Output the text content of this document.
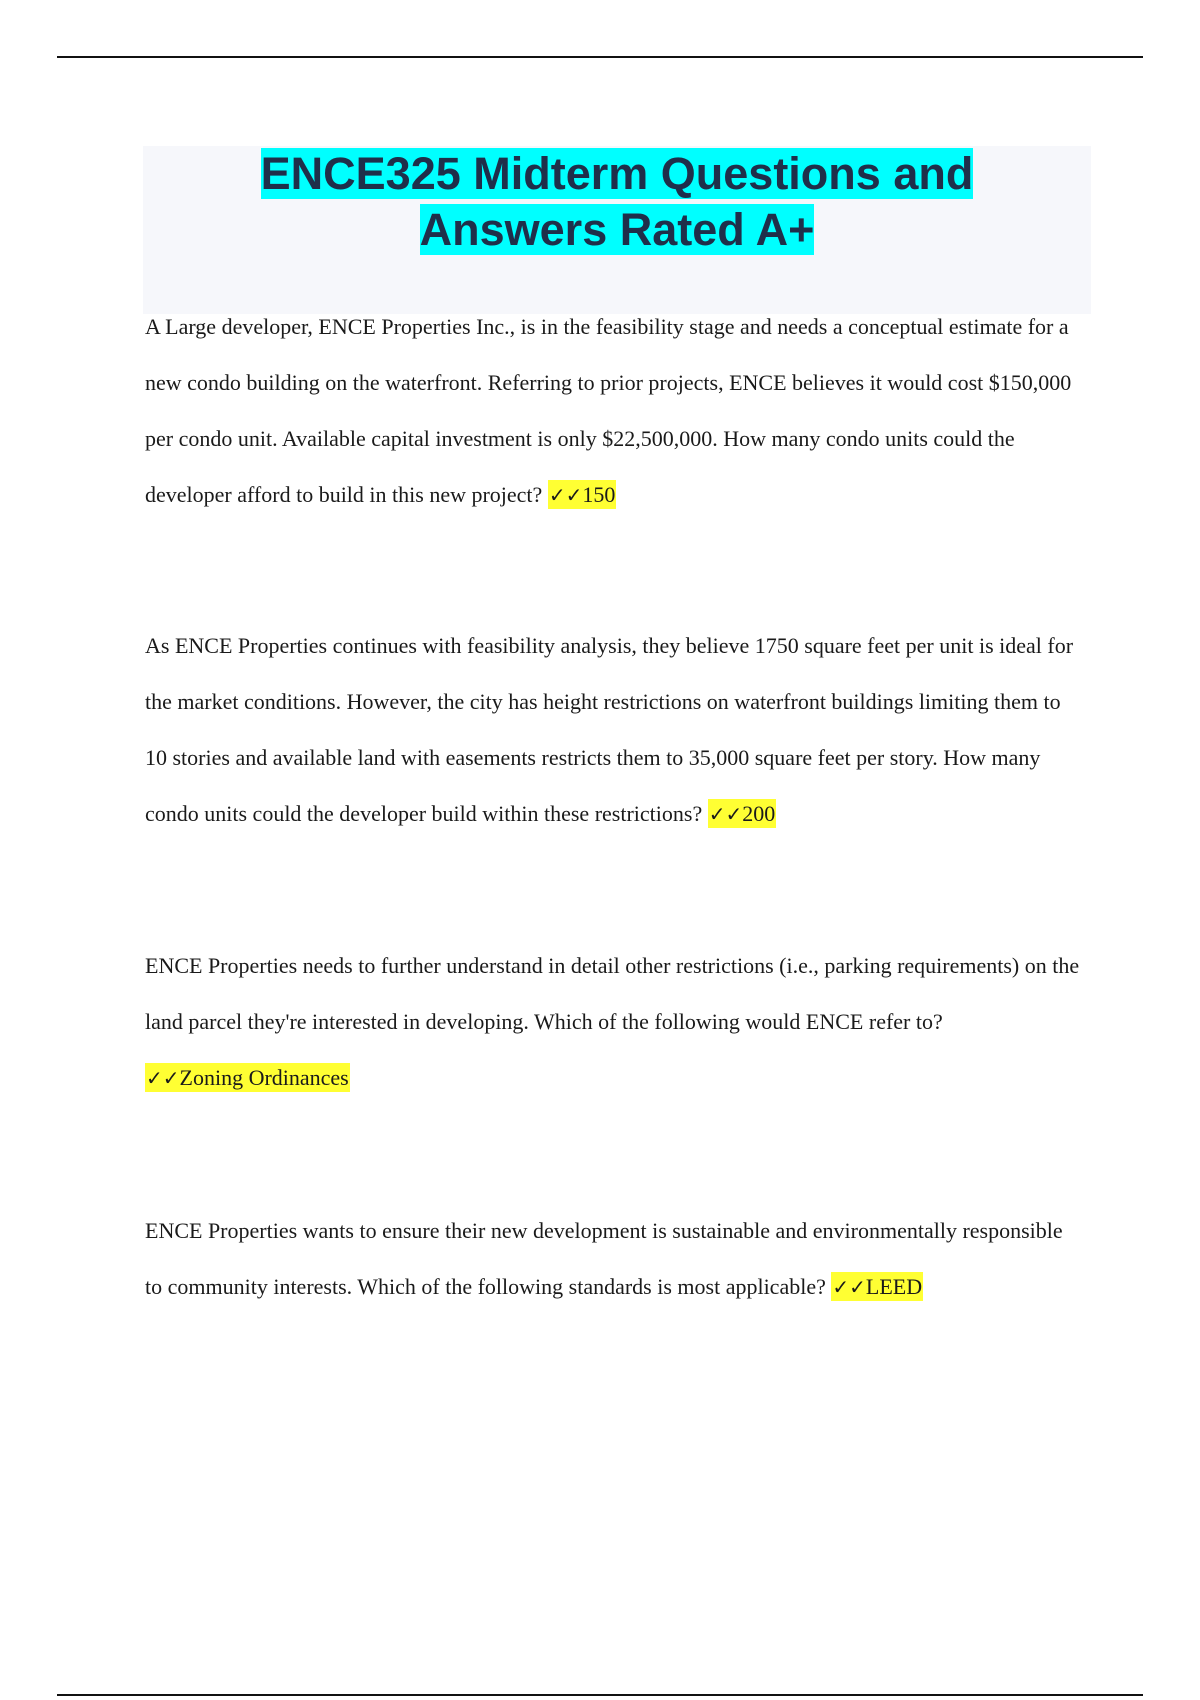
ENCE325 Midterm Questions and
Answers Rated A+

A Large developer, ENCE Properties Inc., is in the feasibility stage and needs a conceptual estimate for a new condo building on the waterfront. Referring to prior projects, ENCE believes it would cost $150,000 per condo unit. Available capital investment is only $22,500,000. How many condo units could the developer afford to build in this new project? ✓✓150

As ENCE Properties continues with feasibility analysis, they believe 1750 square feet per unit is ideal for the market conditions. However, the city has height restrictions on waterfront buildings limiting them to 10 stories and available land with easements restricts them to 35,000 square feet per story. How many condo units could the developer build within these restrictions? ✓✓200

ENCE Properties needs to further understand in detail other restrictions (i.e., parking requirements) on the land parcel they're interested in developing. Which of the following would ENCE refer to? ✓✓Zoning Ordinances

ENCE Properties wants to ensure their new development is sustainable and environmentally responsible to community interests. Which of the following standards is most applicable? ✓✓LEED
